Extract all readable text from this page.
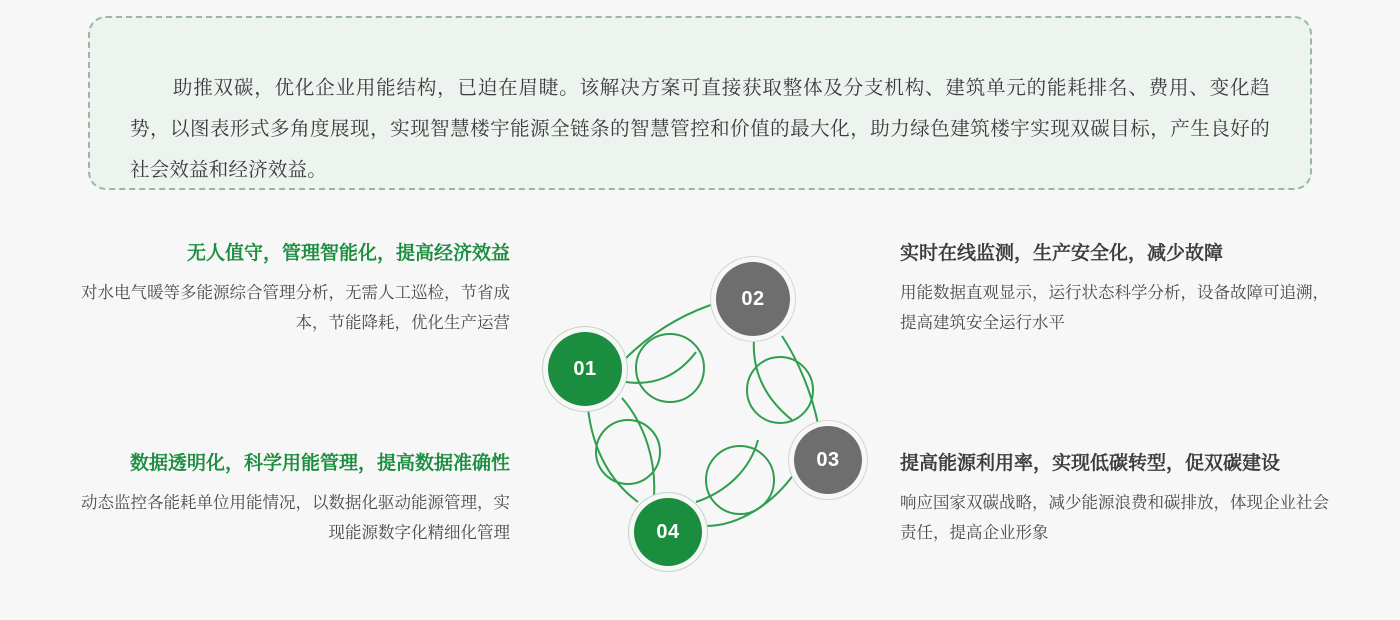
助推双碳，优化企业用能结构，已迫在眉睫。该解决方案可直接获取整体及分支机构、建筑单元的能耗排名、费用、变化趋势，以图表形式多角度展现，实现智慧楼宇能源全链条的智慧管控和价值的最大化，助力绿色建筑楼宇实现双碳目标，产生良好的社会效益和经济效益。

无人值守，管理智能化，提高经济效益
对水电气暖等多能源综合管理分析，无需人工巡检，节省成本，节能降耗，优化生产运营
实时在线监测，生产安全化，减少故障
用能数据直观显示，运行状态科学分析，设备故障可追溯，提高建筑安全运行水平
数据透明化，科学用能管理，提高数据准确性
动态监控各能耗单位用能情况，以数据化驱动能源管理，实现能源数字化精细化管理
提高能源利用率，实现低碳转型，促双碳建设
响应国家双碳战略，减少能源浪费和碳排放，体现企业社会责任，提高企业形象
01
02
03
04
